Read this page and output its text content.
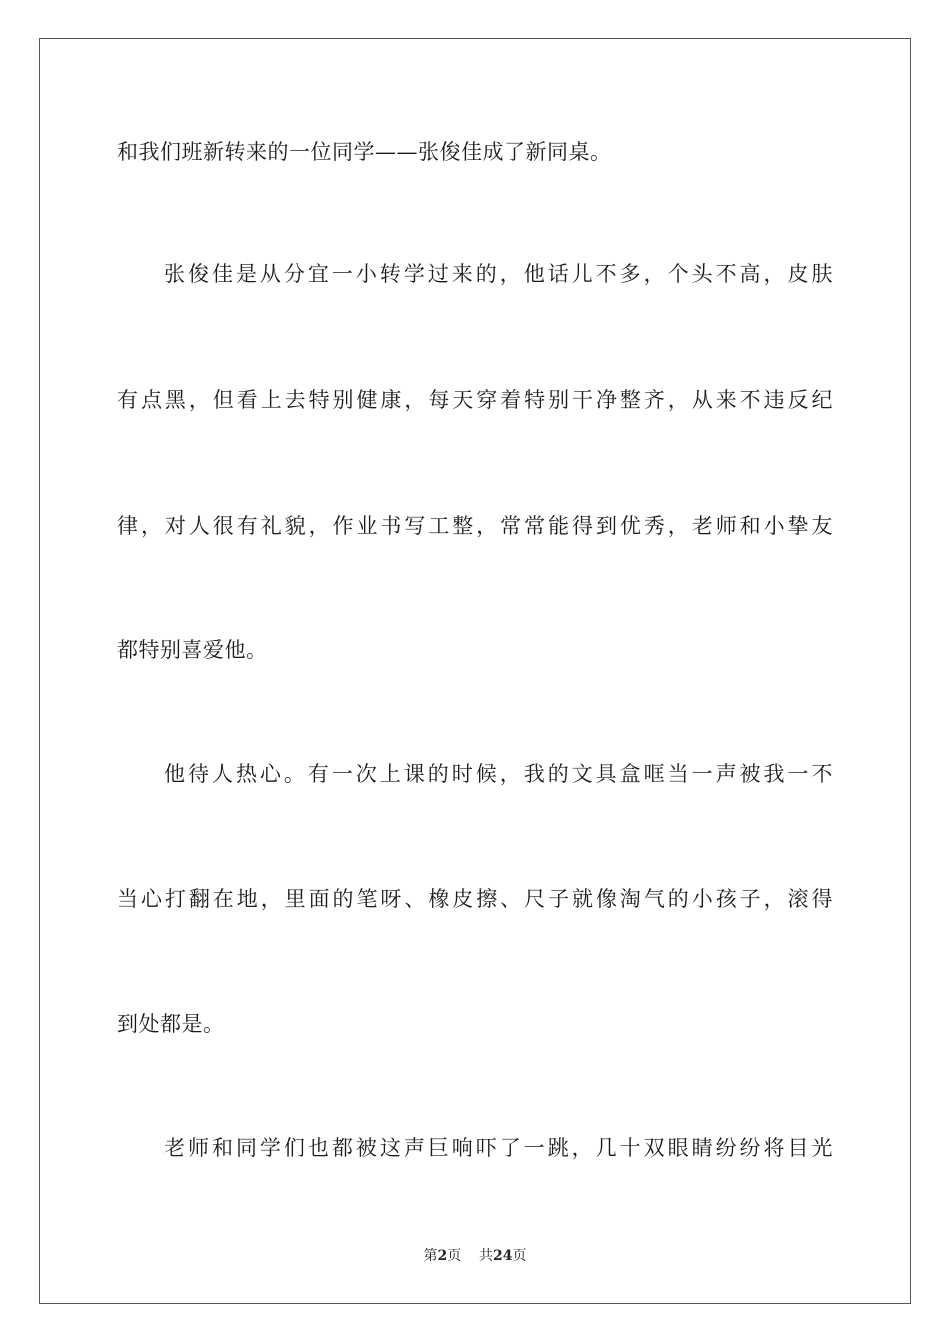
和我们班新转来的一位同学——张俊佳成了新同桌。
张俊佳是从分宜一小转学过来的，他话儿不多，个头不高，皮肤
有点黑，但看上去特别健康，每天穿着特别干净整齐，从来不违反纪
律，对人很有礼貌，作业书写工整，常常能得到优秀，老师和小挚友
都特别喜爱他。
他待人热心。有一次上课的时候，我的文具盒哐当一声被我一不
当心打翻在地，里面的笔呀、橡皮擦、尺子就像淘气的小孩子，滚得
到处都是。
老师和同学们也都被这声巨响吓了一跳，几十双眼睛纷纷将目光
第2页 共24页
